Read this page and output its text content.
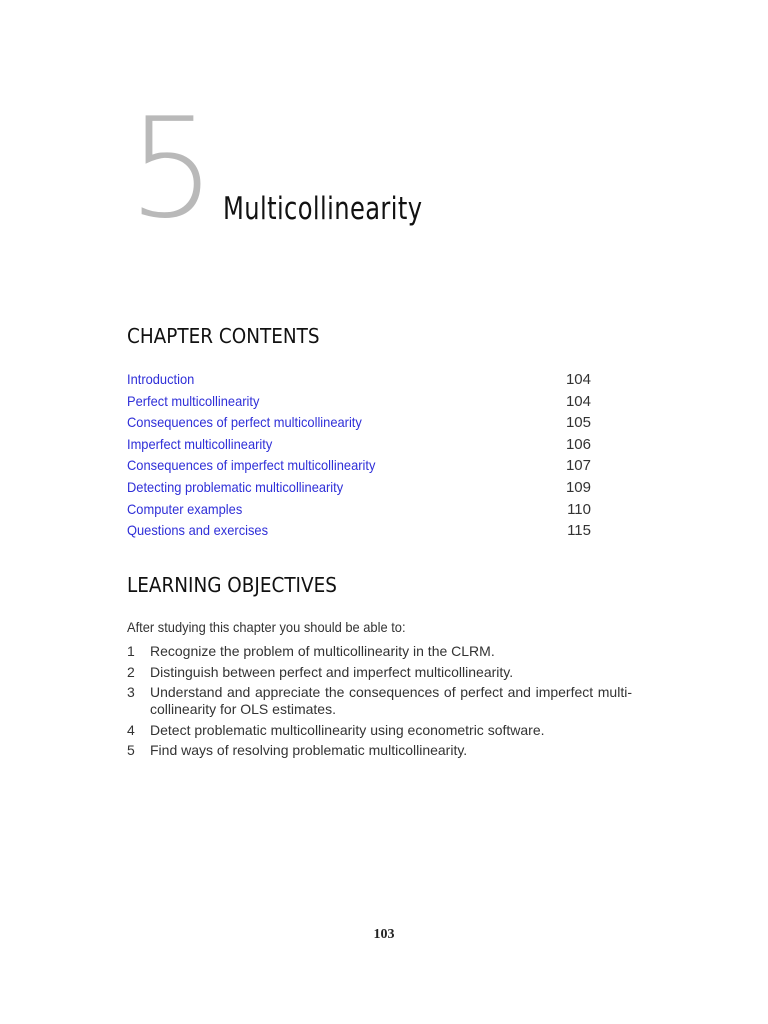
5 Multicollinearity
CHAPTER CONTENTS
Introduction	104
Perfect multicollinearity	104
Consequences of perfect multicollinearity	105
Imperfect multicollinearity	106
Consequences of imperfect multicollinearity	107
Detecting problematic multicollinearity	109
Computer examples	110
Questions and exercises	115
LEARNING OBJECTIVES
After studying this chapter you should be able to:
1	Recognize the problem of multicollinearity in the CLRM.
2	Distinguish between perfect and imperfect multicollinearity.
3	Understand and appreciate the consequences of perfect and imperfect multi-collinearity for OLS estimates.
4	Detect problematic multicollinearity using econometric software.
5	Find ways of resolving problematic multicollinearity.
103
